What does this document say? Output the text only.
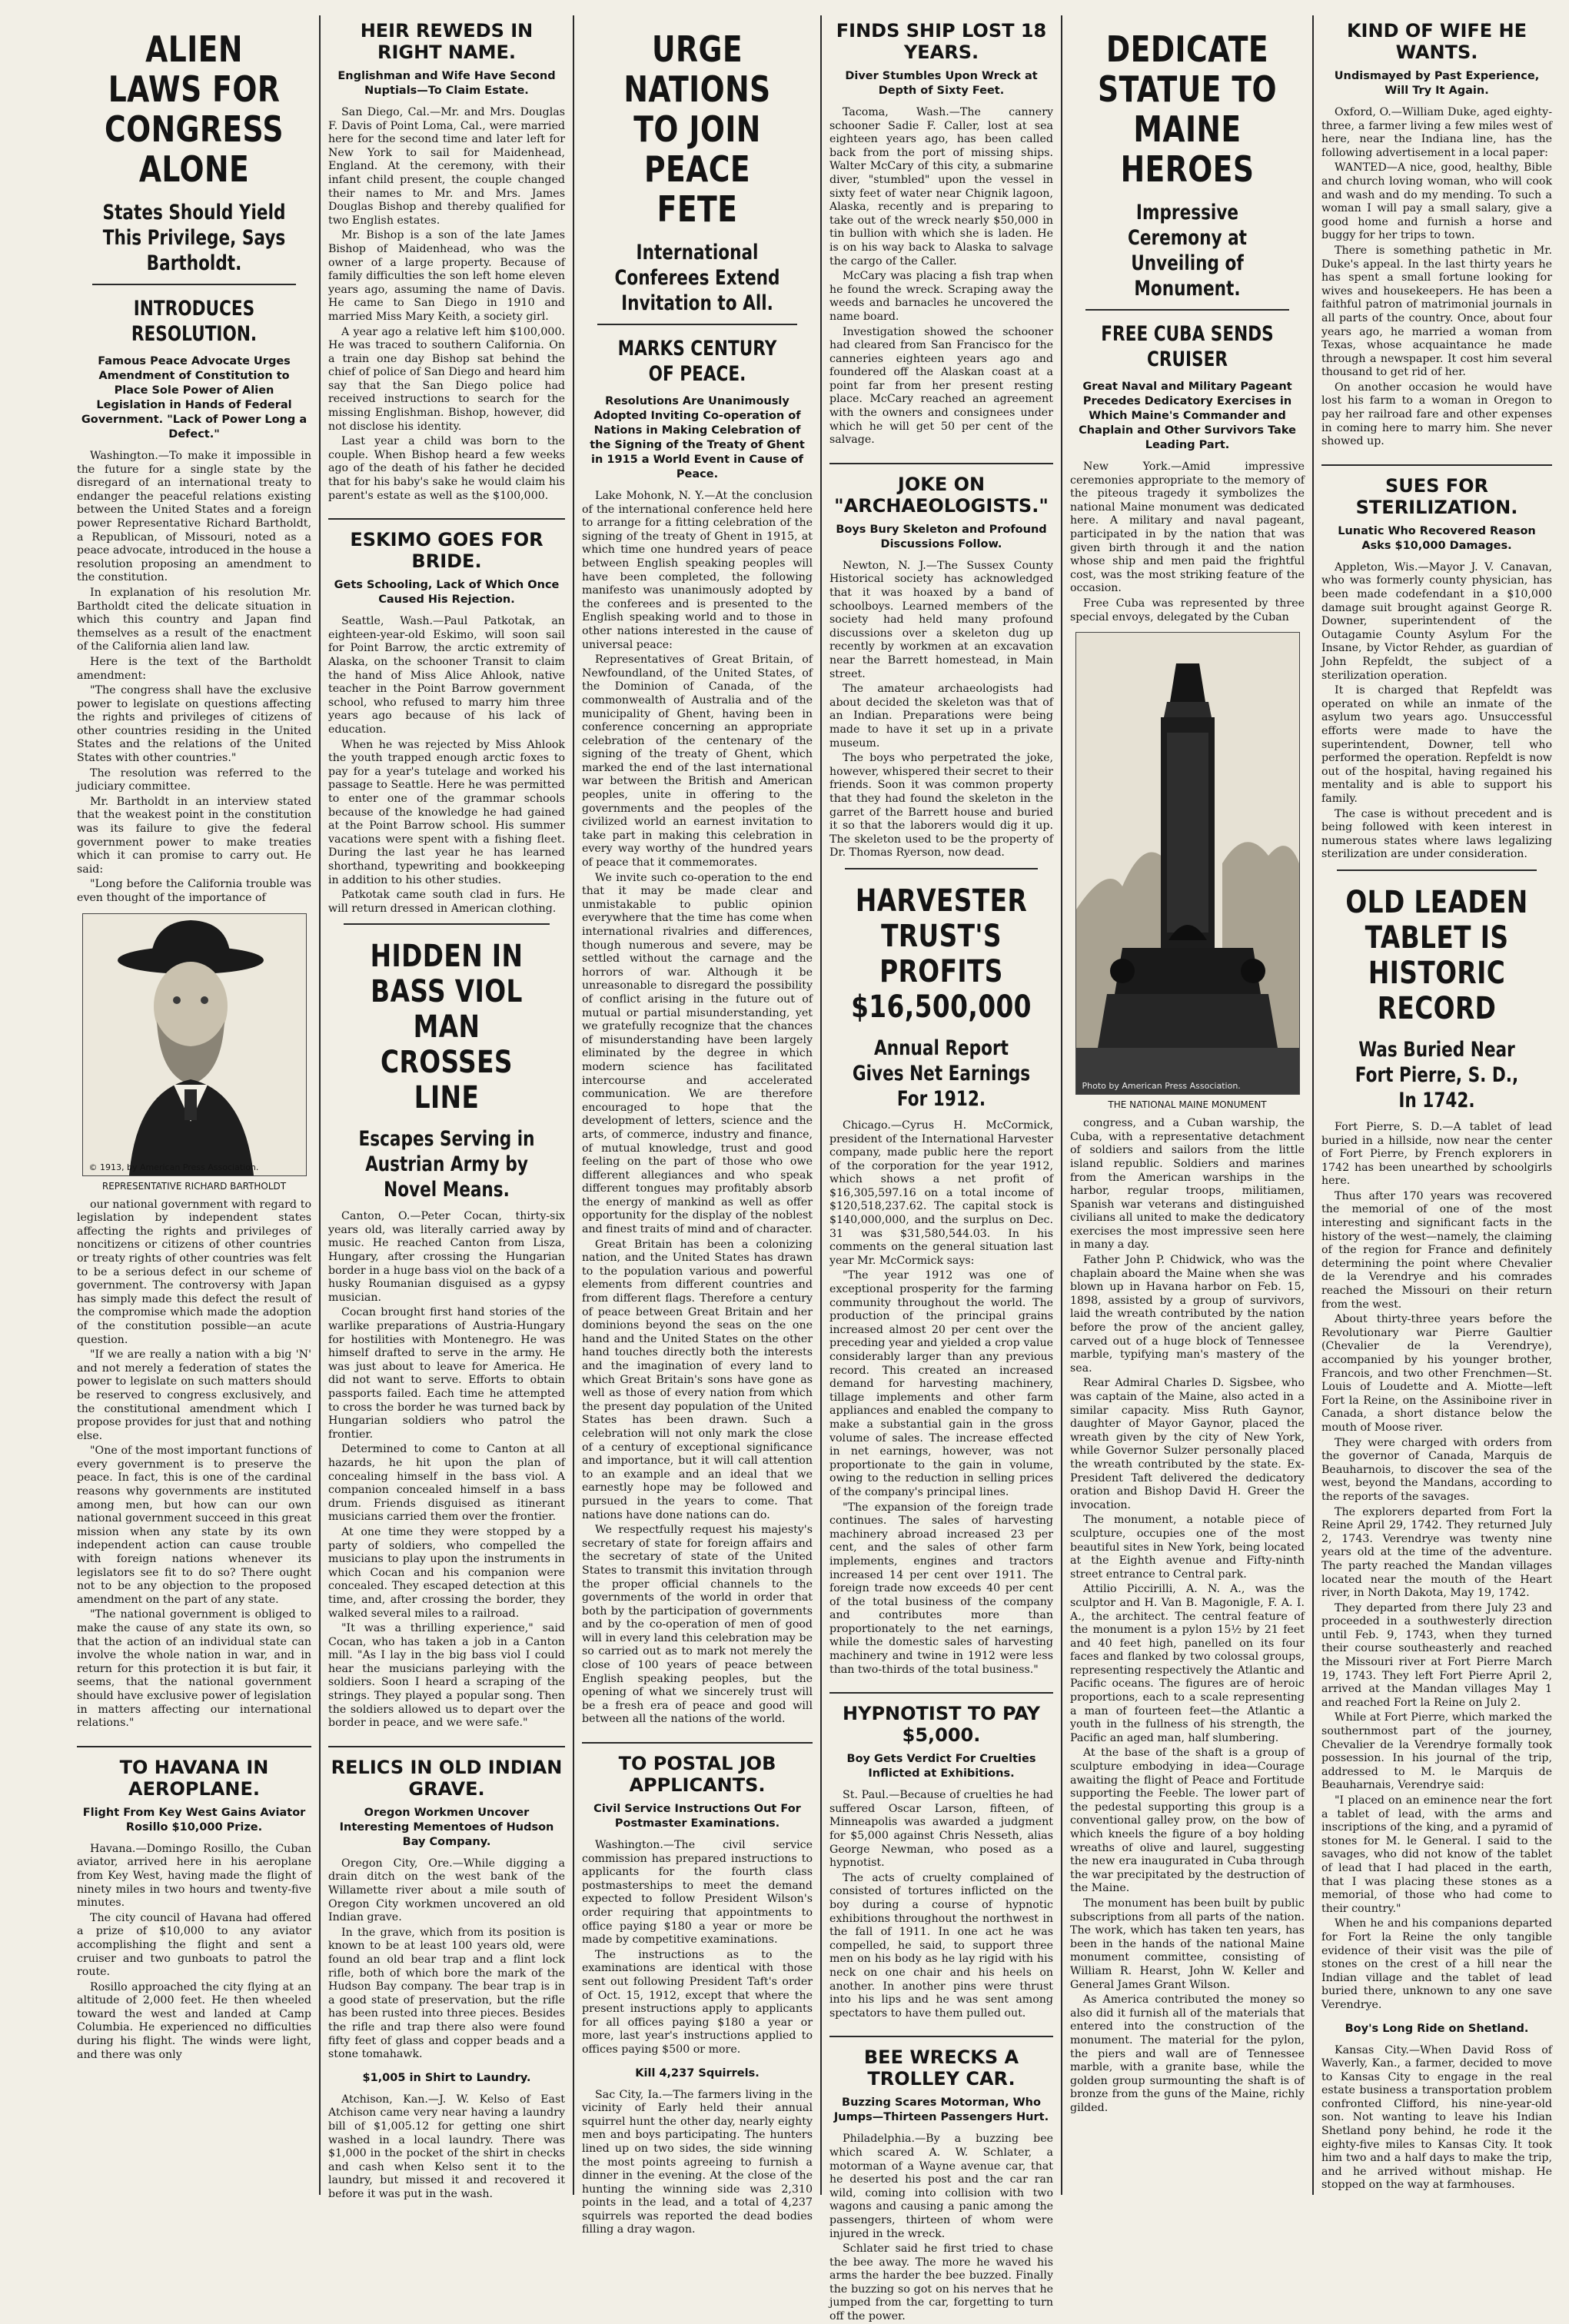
ALIEN LAWS FOR CONGRESS ALONE
States Should Yield This Privilege, Says Bartholdt.
INTRODUCES RESOLUTION.
Famous Peace Advocate Urges Amendment of Constitution to Place Sole Power of Alien Legislation in Hands of Federal Government. "Lack of Power Long a Defect."

Washington.—To make it impossible in the future for a single state by the disregard of an international treaty to endanger the peaceful relations existing between the United States and a foreign power Representative Richard Bartholdt, a Republican, of Missouri, noted as a peace advocate, introduced in the house a resolution proposing an amendment to the constitution.

In explanation of his resolution Mr. Bartholdt cited the delicate situation in which this country and Japan find themselves as a result of the enactment of the California alien land law.

Here is the text of the Bartholdt amendment:

"The congress shall have the exclusive power to legislate on questions affecting the rights and privileges of citizens of other countries residing in the United States and the relations of the United States with other countries."

The resolution was referred to the judiciary committee.

Mr. Bartholdt in an interview stated that the weakest point in the constitution was its failure to give the federal government power to make treaties which it can promise to carry out. He said:

"Long before the California trouble was even thought of the importance of

© 1913, by American Press Association.
REPRESENTATIVE RICHARD BARTHOLDT

our national government with regard to legislation by independent states affecting the rights and privileges of noncitizens or citizens of other countries or treaty rights of other countries was felt to be a serious defect in our scheme of government. The controversy with Japan has simply made this defect the result of the compromise which made the adoption of the constitution possible—an acute question.

"If we are really a nation with a big 'N' and not merely a federation of states the power to legislate on such matters should be reserved to congress exclusively, and the constitutional amendment which I propose provides for just that and nothing else.

"One of the most important functions of every government is to preserve the peace. In fact, this is one of the cardinal reasons why governments are instituted among men, but how can our own national government succeed in this great mission when any state by its own independent action can cause trouble with foreign nations whenever its legislators see fit to do so? There ought not to be any objection to the proposed amendment on the part of any state.

"The national government is obliged to make the cause of any state its own, so that the action of an individual state can involve the whole nation in war, and in return for this protection it is but fair, it seems, that the national government should have exclusive power of legislation in matters affecting our international relations."

TO HAVANA IN AEROPLANE.
Flight From Key West Gains Aviator Rosillo $10,000 Prize.

Havana.—Domingo Rosillo, the Cuban aviator, arrived here in his aeroplane from Key West, having made the flight of ninety miles in two hours and twenty-five minutes.

The city council of Havana had offered a prize of $10,000 to any aviator accomplishing the flight and sent a cruiser and two gunboats to patrol the route.

Rosillo approached the city flying at an altitude of 2,000 feet. He then wheeled toward the west and landed at Camp Columbia. He experienced no difficulties during his flight. The winds were light, and there was only

HEIR REWEDS IN RIGHT NAME.
Englishman and Wife Have Second Nuptials—To Claim Estate.

San Diego, Cal.—Mr. and Mrs. Douglas F. Davis of Point Loma, Cal., were married here for the second time and later left for New York to sail for Maidenhead, England. At the ceremony, with their infant child present, the couple changed their names to Mr. and Mrs. James Douglas Bishop and thereby qualified for two English estates.

Mr. Bishop is a son of the late James Bishop of Maidenhead, who was the owner of a large property. Because of family difficulties the son left home eleven years ago, assuming the name of Davis. He came to San Diego in 1910 and married Miss Mary Keith, a society girl.

A year ago a relative left him $100,000. He was traced to southern California. On a train one day Bishop sat behind the chief of police of San Diego and heard him say that the San Diego police had received instructions to search for the missing Englishman. Bishop, however, did not disclose his identity.

Last year a child was born to the couple. When Bishop heard a few weeks ago of the death of his father he decided that for his baby's sake he would claim his parent's estate as well as the $100,000.

ESKIMO GOES FOR BRIDE.
Gets Schooling, Lack of Which Once Caused His Rejection.

Seattle, Wash.—Paul Patkotak, an eighteen-year-old Eskimo, will soon sail for Point Barrow, the arctic extremity of Alaska, on the schooner Transit to claim the hand of Miss Alice Ahlook, native teacher in the Point Barrow government school, who refused to marry him three years ago because of his lack of education.

When he was rejected by Miss Ahlook the youth trapped enough arctic foxes to pay for a year's tutelage and worked his passage to Seattle. Here he was permitted to enter one of the grammar schools because of the knowledge he had gained at the Point Barrow school. His summer vacations were spent with a fishing fleet. During the last year he has learned shorthand, typewriting and bookkeeping in addition to his other studies.

Patkotak came south clad in furs. He will return dressed in American clothing.

HIDDEN IN BASS VIOL MAN CROSSES LINE
Escapes Serving in Austrian Army by Novel Means.

Canton, O.—Peter Cocan, thirty-six years old, was literally carried away by music. He reached Canton from Lisza, Hungary, after crossing the Hungarian border in a huge bass viol on the back of a husky Roumanian disguised as a gypsy musician.

Cocan brought first hand stories of the warlike preparations of Austria-Hungary for hostilities with Montenegro. He was himself drafted to serve in the army. He was just about to leave for America. He did not want to serve. Efforts to obtain passports failed. Each time he attempted to cross the border he was turned back by Hungarian soldiers who patrol the frontier.

Determined to come to Canton at all hazards, he hit upon the plan of concealing himself in the bass viol. A companion concealed himself in a bass drum. Friends disguised as itinerant musicians carried them over the frontier.

At one time they were stopped by a party of soldiers, who compelled the musicians to play upon the instruments in which Cocan and his companion were concealed. They escaped detection at this time, and, after crossing the border, they walked several miles to a railroad.

"It was a thrilling experience," said Cocan, who has taken a job in a Canton mill. "As I lay in the big bass viol I could hear the musicians parleying with the soldiers. Soon I heard a scraping of the strings. They played a popular song. Then the soldiers allowed us to depart over the border in peace, and we were safe."

RELICS IN OLD INDIAN GRAVE.
Oregon Workmen Uncover Interesting Mementoes of Hudson Bay Company.

Oregon City, Ore.—While digging a drain ditch on the west bank of the Willamette river about a mile south of Oregon City workmen uncovered an old Indian grave.

In the grave, which from its position is known to be at least 100 years old, were found an old bear trap and a flint lock rifle, both of which bore the mark of the Hudson Bay company. The bear trap is in a good state of preservation, but the rifle has been rusted into three pieces. Besides the rifle and trap there also were found fifty feet of glass and copper beads and a stone tomahawk.

$1,005 in Shirt to Laundry.

Atchison, Kan.—J. W. Kelso of East Atchison came very near having a laundry bill of $1,005.12 for getting one shirt washed in a local laundry. There was $1,000 in the pocket of the shirt in checks and cash when Kelso sent it to the laundry, but missed it and recovered it before it was put in the wash.

URGE NATIONS TO JOIN PEACE FETE
International Conferees Extend Invitation to All.
MARKS CENTURY OF PEACE.
Resolutions Are Unanimously Adopted Inviting Co-operation of Nations in Making Celebration of the Signing of the Treaty of Ghent in 1915 a World Event in Cause of Peace.

Lake Mohonk, N. Y.—At the conclusion of the international conference held here to arrange for a fitting celebration of the signing of the treaty of Ghent in 1915, at which time one hundred years of peace between English speaking peoples will have been completed, the following manifesto was unanimously adopted by the conferees and is presented to the English speaking world and to those in other nations interested in the cause of universal peace:

Representatives of Great Britain, of Newfoundland, of the United States, of the Dominion of Canada, of the commonwealth of Australia and of the municipality of Ghent, having been in conference concerning an appropriate celebration of the centenary of the signing of the treaty of Ghent, which marked the end of the last international war between the British and American peoples, unite in offering to the governments and the peoples of the civilized world an earnest invitation to take part in making this celebration in every way worthy of the hundred years of peace that it commemorates.

We invite such co-operation to the end that it may be made clear and unmistakable to public opinion everywhere that the time has come when international rivalries and differences, though numerous and severe, may be settled without the carnage and the horrors of war. Although it be unreasonable to disregard the possibility of conflict arising in the future out of mutual or partial misunderstanding, yet we gratefully recognize that the chances of misunderstanding have been largely eliminated by the degree in which modern science has facilitated intercourse and accelerated communication. We are therefore encouraged to hope that the development of letters, science and the arts, of commerce, industry and finance, of mutual knowledge, trust and good feeling on the part of those who owe different allegiances and who speak different tongues may profitably absorb the energy of mankind as well as offer opportunity for the display of the noblest and finest traits of mind and of character.

Great Britain has been a colonizing nation, and the United States has drawn to the population various and powerful elements from different countries and from different flags. Therefore a century of peace between Great Britain and her dominions beyond the seas on the one hand and the United States on the other hand touches directly both the interests and the imagination of every land to which Great Britain's sons have gone as well as those of every nation from which the present day population of the United States has been drawn. Such a celebration will not only mark the close of a century of exceptional significance and importance, but it will call attention to an example and an ideal that we earnestly hope may be followed and pursued in the years to come. That nations have done nations can do.

We respectfully request his majesty's secretary of state for foreign affairs and the secretary of state of the United States to transmit this invitation through the proper official channels to the governments of the world in order that both by the participation of governments and by the co-operation of men of good will in every land this celebration may be so carried out as to mark not merely the close of 100 years of peace between English speaking peoples, but the opening of what we sincerely trust will be a fresh era of peace and good will between all the nations of the world.

TO POSTAL JOB APPLICANTS.
Civil Service Instructions Out For Postmaster Examinations.

Washington.—The civil service commission has prepared instructions to applicants for the fourth class postmasterships to meet the demand expected to follow President Wilson's order requiring that appointments to office paying $180 a year or more be made by competitive examinations.

The instructions as to the examinations are identical with those sent out following President Taft's order of Oct. 15, 1912, except that where the present instructions apply to applicants for all offices paying $180 a year or more, last year's instructions applied to offices paying $500 or more.

Kill 4,237 Squirrels.

Sac City, Ia.—The farmers living in the vicinity of Early held their annual squirrel hunt the other day, nearly eighty men and boys participating. The hunters lined up on two sides, the side winning the most points agreeing to furnish a dinner in the evening. At the close of the hunting the winning side was 2,310 points in the lead, and a total of 4,237 squirrels was reported the dead bodies filling a dray wagon.

FINDS SHIP LOST 18 YEARS.
Diver Stumbles Upon Wreck at Depth of Sixty Feet.

Tacoma, Wash.—The cannery schooner Sadie F. Caller, lost at sea eighteen years ago, has been called back from the port of missing ships. Walter McCary of this city, a submarine diver, "stumbled" upon the vessel in sixty feet of water near Chignik lagoon, Alaska, recently and is preparing to take out of the wreck nearly $50,000 in tin bullion with which she is laden. He is on his way back to Alaska to salvage the cargo of the Caller.

McCary was placing a fish trap when he found the wreck. Scraping away the weeds and barnacles he uncovered the name board.

Investigation showed the schooner had cleared from San Francisco for the canneries eighteen years ago and foundered off the Alaskan coast at a point far from her present resting place. McCary reached an agreement with the owners and consignees under which he will get 50 per cent of the salvage.

JOKE ON "ARCHAEOLOGISTS."
Boys Bury Skeleton and Profound Discussions Follow.

Newton, N. J.—The Sussex County Historical society has acknowledged that it was hoaxed by a band of schoolboys. Learned members of the society had held many profound discussions over a skeleton dug up recently by workmen at an excavation near the Barrett homestead, in Main street.

The amateur archaeologists had about decided the skeleton was that of an Indian. Preparations were being made to have it set up in a private museum.

The boys who perpetrated the joke, however, whispered their secret to their friends. Soon it was common property that they had found the skeleton in the garret of the Barrett house and buried it so that the laborers would dig it up. The skeleton used to be the property of Dr. Thomas Ryerson, now dead.

HARVESTER TRUST'S PROFITS $16,500,000
Annual Report Gives Net Earnings For 1912.

Chicago.—Cyrus H. McCormick, president of the International Harvester company, made public here the report of the corporation for the year 1912, which shows a net profit of $16,305,597.16 on a total income of $120,518,237.62. The capital stock is $140,000,000, and the surplus on Dec. 31 was $31,580,544.03. In his comments on the general situation last year Mr. McCormick says:

"The year 1912 was one of exceptional prosperity for the farming community throughout the world. The production of the principal grains increased almost 20 per cent over the preceding year and yielded a crop value considerably larger than any previous record. This created an increased demand for harvesting machinery, tillage implements and other farm appliances and enabled the company to make a substantial gain in the gross volume of sales. The increase effected in net earnings, however, was not proportionate to the gain in volume, owing to the reduction in selling prices of the company's principal lines.

"The expansion of the foreign trade continues. The sales of harvesting machinery abroad increased 23 per cent, and the sales of other farm implements, engines and tractors increased 14 per cent over 1911. The foreign trade now exceeds 40 per cent of the total business of the company and contributes more than proportionately to the net earnings, while the domestic sales of harvesting machinery and twine in 1912 were less than two-thirds of the total business."

HYPNOTIST TO PAY $5,000.
Boy Gets Verdict For Cruelties Inflicted at Exhibitions.

St. Paul.—Because of cruelties he had suffered Oscar Larson, fifteen, of Minneapolis was awarded a judgment for $5,000 against Chris Nesseth, alias George Newman, who posed as a hypnotist.

The acts of cruelty complained of consisted of tortures inflicted on the boy during a course of hypnotic exhibitions throughout the northwest in the fall of 1911. In one act he was compelled, he said, to support three men on his body as he lay rigid with his neck on one chair and his heels on another. In another pins were thrust into his lips and he was sent among spectators to have them pulled out.

BEE WRECKS A TROLLEY CAR.
Buzzing Scares Motorman, Who Jumps—Thirteen Passengers Hurt.

Philadelphia.—By a buzzing bee which scared A. W. Schlater, a motorman of a Wayne avenue car, that he deserted his post and the car ran wild, coming into collision with two wagons and causing a panic among the passengers, thirteen of whom were injured in the wreck.

Schlater said he first tried to chase the bee away. The more he waved his arms the harder the bee buzzed. Finally the buzzing so got on his nerves that he jumped from the car, forgetting to turn off the power.

DEDICATE STATUE TO MAINE HEROES
Impressive Ceremony at Unveiling of Monument.
FREE CUBA SENDS CRUISER
Great Naval and Military Pageant Precedes Dedicatory Exercises in Which Maine's Commander and Chaplain and Other Survivors Take Leading Part.

New York.—Amid impressive ceremonies appropriate to the memory of the piteous tragedy it symbolizes the national Maine monument was dedicated here. A military and naval pageant, participated in by the nation that was given birth through it and the nation whose ship and men paid the frightful cost, was the most striking feature of the occasion.

Free Cuba was represented by three special envoys, delegated by the Cuban

Photo by American Press Association.
THE NATIONAL MAINE MONUMENT

congress, and a Cuban warship, the Cuba, with a representative detachment of soldiers and sailors from the little island republic. Soldiers and marines from the American warships in the harbor, regular troops, militiamen, Spanish war veterans and distinguished civilians all united to make the dedicatory exercises the most impressive seen here in many a day.

Father John P. Chidwick, who was the chaplain aboard the Maine when she was blown up in Havana harbor on Feb. 15, 1898, assisted by a group of survivors, laid the wreath contributed by the nation before the prow of the ancient galley, carved out of a huge block of Tennessee marble, typifying man's mastery of the sea.

Rear Admiral Charles D. Sigsbee, who was captain of the Maine, also acted in a similar capacity. Miss Ruth Gaynor, daughter of Mayor Gaynor, placed the wreath given by the city of New York, while Governor Sulzer personally placed the wreath contributed by the state. Ex-President Taft delivered the dedicatory oration and Bishop David H. Greer the invocation.

The monument, a notable piece of sculpture, occupies one of the most beautiful sites in New York, being located at the Eighth avenue and Fifty-ninth street entrance to Central park.

Attilio Piccirilli, A. N. A., was the sculptor and H. Van B. Magonigle, F. A. I. A., the architect. The central feature of the monument is a pylon 15½ by 21 feet and 40 feet high, panelled on its four faces and flanked by two colossal groups, representing respectively the Atlantic and Pacific oceans. The figures are of heroic proportions, each to a scale representing a man of fourteen feet—the Atlantic a youth in the fullness of his strength, the Pacific an aged man, half slumbering.

At the base of the shaft is a group of sculpture embodying in idea—Courage awaiting the flight of Peace and Fortitude supporting the Feeble. The lower part of the pedestal supporting this group is a conventional galley prow, on the bow of which kneels the figure of a boy holding wreaths of olive and laurel, suggesting the new era inaugurated in Cuba through the war precipitated by the destruction of the Maine.

The monument has been built by public subscriptions from all parts of the nation. The work, which has taken ten years, has been in the hands of the national Maine monument committee, consisting of William R. Hearst, John W. Keller and General James Grant Wilson.

As America contributed the money so also did it furnish all of the materials that entered into the construction of the monument. The material for the pylon, the piers and wall are of Tennessee marble, with a granite base, while the golden group surmounting the shaft is of bronze from the guns of the Maine, richly gilded.

KIND OF WIFE HE WANTS.
Undismayed by Past Experience, Will Try It Again.

Oxford, O.—William Duke, aged eighty-three, a farmer living a few miles west of here, near the Indiana line, has the following advertisement in a local paper:

WANTED—A nice, good, healthy, Bible and church loving woman, who will cook and wash and do my mending. To such a woman I will pay a small salary, give a good home and furnish a horse and buggy for her trips to town.

There is something pathetic in Mr. Duke's appeal. In the last thirty years he has spent a small fortune looking for wives and housekeepers. He has been a faithful patron of matrimonial journals in all parts of the country. Once, about four years ago, he married a woman from Texas, whose acquaintance he made through a newspaper. It cost him several thousand to get rid of her.

On another occasion he would have lost his farm to a woman in Oregon to pay her railroad fare and other expenses in coming here to marry him. She never showed up.

SUES FOR STERILIZATION.
Lunatic Who Recovered Reason Asks $10,000 Damages.

Appleton, Wis.—Mayor J. V. Canavan, who was formerly county physician, has been made codefendant in a $10,000 damage suit brought against George R. Downer, superintendent of the Outagamie County Asylum For the Insane, by Victor Rehder, as guardian of John Repfeldt, the subject of a sterilization operation.

It is charged that Repfeldt was operated on while an inmate of the asylum two years ago. Unsuccessful efforts were made to have the superintendent, Downer, tell who performed the operation. Repfeldt is now out of the hospital, having regained his mentality and is able to support his family.

The case is without precedent and is being followed with keen interest in numerous states where laws legalizing sterilization are under consideration.

OLD LEADEN TABLET IS HISTORIC RECORD
Was Buried Near Fort Pierre, S. D., In 1742.

Fort Pierre, S. D.—A tablet of lead buried in a hillside, now near the center of Fort Pierre, by French explorers in 1742 has been unearthed by schoolgirls here.

Thus after 170 years was recovered the memorial of one of the most interesting and significant facts in the history of the west—namely, the claiming of the region for France and definitely determining the point where Chevalier de la Verendrye and his comrades reached the Missouri on their return from the west.

About thirty-three years before the Revolutionary war Pierre Gaultier (Chevalier de la Verendrye), accompanied by his younger brother, Francois, and two other Frenchmen—St. Louis of Loudette and A. Miotte—left Fort la Reine, on the Assiniboine river in Canada, a short distance below the mouth of Moose river.

They were charged with orders from the governor of Canada, Marquis de Beauharnois, to discover the sea of the west, beyond the Mandans, according to the reports of the savages.

The explorers departed from Fort la Reine April 29, 1742. They returned July 2, 1743. Verendrye was twenty nine years old at the time of the adventure. The party reached the Mandan villages located near the mouth of the Heart river, in North Dakota, May 19, 1742.

They departed from there July 23 and proceeded in a southwesterly direction until Feb. 9, 1743, when they turned their course southeasterly and reached the Missouri river at Fort Pierre March 19, 1743. They left Fort Pierre April 2, arrived at the Mandan villages May 1 and reached Fort la Reine on July 2.

While at Fort Pierre, which marked the southernmost part of the journey, Chevalier de la Verendrye formally took possession. In his journal of the trip, addressed to M. le Marquis de Beauharnais, Verendrye said:

"I placed on an eminence near the fort a tablet of lead, with the arms and inscriptions of the king, and a pyramid of stones for M. le General. I said to the savages, who did not know of the tablet of lead that I had placed in the earth, that I was placing these stones as a memorial, of those who had come to their country."

When he and his companions departed for Fort la Reine the only tangible evidence of their visit was the pile of stones on the crest of a hill near the Indian village and the tablet of lead buried there, unknown to any one save Verendrye.

Boy's Long Ride on Shetland.

Kansas City.—When David Ross of Waverly, Kan., a farmer, decided to move to Kansas City to engage in the real estate business a transportation problem confronted Clifford, his nine-year-old son. Not wanting to leave his Indian Shetland pony behind, he rode it the eighty-five miles to Kansas City. It took him two and a half days to make the trip, and he arrived without mishap. He stopped on the way at farmhouses.
